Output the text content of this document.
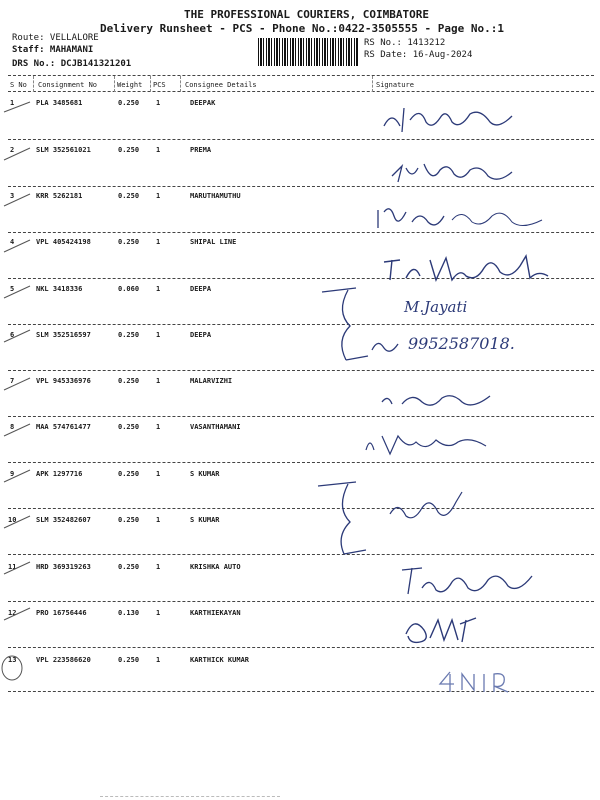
THE PROFESSIONAL COURIERS, COIMBATORE
Delivery Runsheet - PCS - Phone No.:0422-3505555 - Page No.:1
Route: VELLALORE
Staff: MAHAMANI
DRS No.: DCJB141321201
RS No.: 1413212
RS Date: 16-Aug-2024
S No Consignment No	Weight PCS	Consignee Details	Signature
1	PLA 3485681	0.250 1	DEEPAK
2	SLM 352561021	0.250 1	PREMA
3	KRR 5262181	0.250 1	MARUTHAMUTHU
4	VPL 405424198	0.250 1	SHIPAL LINE
5	NKL 3418336	0.060 1	DEEPA
6	SLM 352516597	0.250 1	DEEPA
7	VPL 945336976	0.250 1	MALARVIZHI
8	MAA 574761477	0.250 1	VASANTHAMANI
9	APK 1297716	0.250 1	S KUMAR
10	SLM 352482607	0.250 1	S KUMAR
11	HRD 369319263	0.250 1	KRISHKA AUTO
12	PRO 16756446	0.130 1	KARTHIEKAYAN
13	VPL 223586620	0.250 1	KARTHICK KUMAR
M.Jayati
9952587018.
